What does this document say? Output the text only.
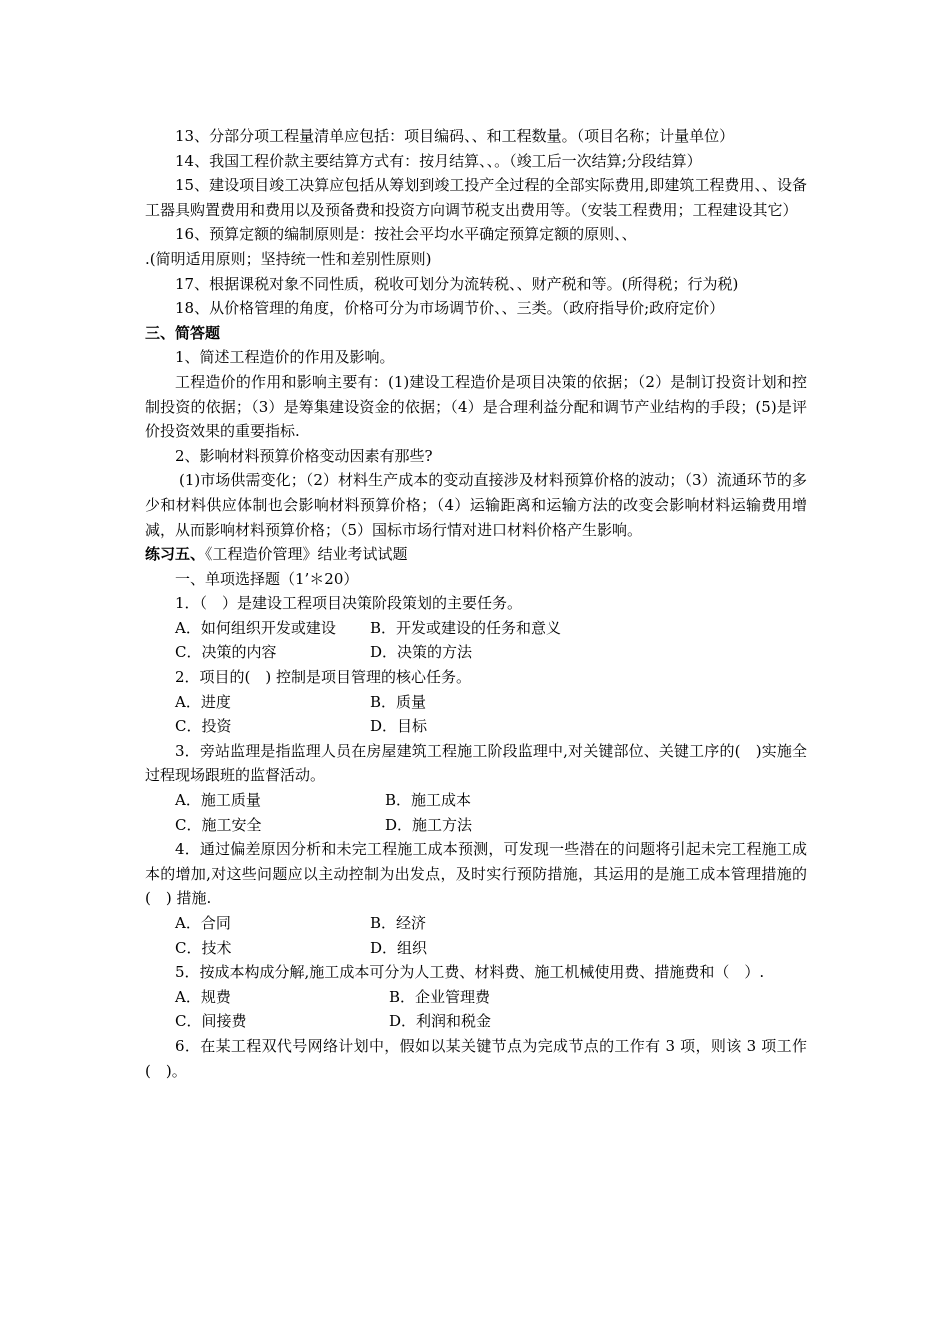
13、分部分项工程量清单应包括：项目编码、、和工程数量。（项目名称；计量单位）

14、我国工程价款主要结算方式有：按月结算、、。（竣工后一次结算;分段结算）

15、建设项目竣工决算应包括从筹划到竣工投产全过程的全部实际费用,即建筑工程费用、、设备工器具购置费用和费用以及预备费和投资方向调节税支出费用等。（安装工程费用；工程建设其它）

16、预算定额的编制原则是：按社会平均水平确定预算定额的原则、、

.(简明适用原则；坚持统一性和差别性原则)

17、根据课税对象不同性质，税收可划分为流转税、、财产税和等。(所得税；行为税)

18、从价格管理的角度，价格可分为市场调节价、、三类。（政府指导价;政府定价）

三、简答题

1、简述工程造价的作用及影响。

工程造价的作用和影响主要有：(1)建设工程造价是项目决策的依据；（2）是制订投资计划和控制投资的依据；（3）是筹集建设资金的依据；（4）是合理利益分配和调节产业结构的手段；(5)是评价投资效果的重要指标.

2、影响材料预算价格变动因素有那些?

(1)市场供需变化；（2）材料生产成本的变动直接涉及材料预算价格的波动；（3）流通环节的多少和材料供应体制也会影响材料预算价格；（4）运输距离和运输方法的改变会影响材料运输费用增减，从而影响材料预算价格；（5）国标市场行情对进口材料价格产生影响。

练习五、《工程造价管理》结业考试试题

一、单项选择题（1’＊20）

1．（　）是建设工程项目决策阶段策划的主要任务。

A．如何组织开发或建设	B．开发或建设的任务和意义
C．决策的内容	D．决策的方法

2．项目的(　) 控制是项目管理的核心任务。

A．进度	B．质量
C．投资	D．目标

3．旁站监理是指监理人员在房屋建筑工程施工阶段监理中,对关键部位、关键工序的(　)实施全过程现场跟班的监督活动。

A．施工质量	B．施工成本
C．施工安全	D．施工方法

4．通过偏差原因分析和未完工程施工成本预测，可发现一些潜在的问题将引起未完工程施工成本的增加,对这些问题应以主动控制为出发点，及时实行预防措施，其运用的是施工成本管理措施的(　) 措施.

A．合同	B．经济
C．技术	D．组织

5．按成本构成分解,施工成本可分为人工费、材料费、施工机械使用费、措施费和（　）.

A．规费	B．企业管理费
C．间接费	D．利润和税金

6．在某工程双代号网络计划中，假如以某关键节点为完成节点的工作有 3 项，则该 3 项工作(　)。
